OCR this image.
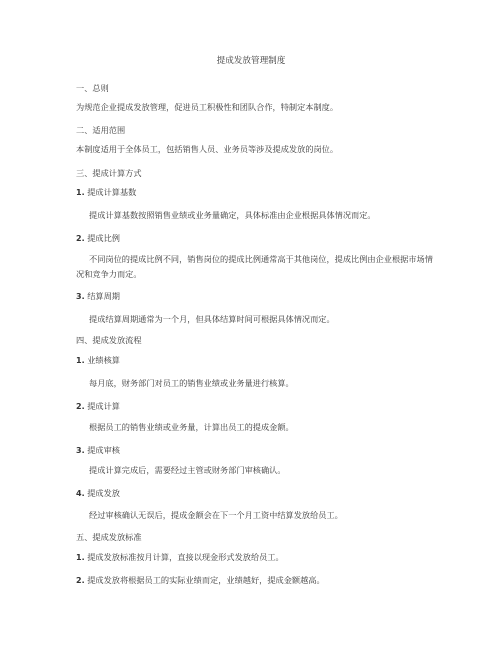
提成发放管理制度
一、总则
为规范企业提成发放管理，促进员工积极性和团队合作，特制定本制度。
二、适用范围
本制度适用于全体员工，包括销售人员、业务员等涉及提成发放的岗位。
三、提成计算方式
1. 提成计算基数
提成计算基数按照销售业绩或业务量确定，具体标准由企业根据具体情况而定。
2. 提成比例
不同岗位的提成比例不同，销售岗位的提成比例通常高于其他岗位，提成比例由企业根据市场情况和竞争力而定。
3. 结算周期
提成结算周期通常为一个月，但具体结算时间可根据具体情况而定。
四、提成发放流程
1. 业绩核算
每月底，财务部门对员工的销售业绩或业务量进行核算。
2. 提成计算
根据员工的销售业绩或业务量，计算出员工的提成金额。
3. 提成审核
提成计算完成后，需要经过主管或财务部门审核确认。
4. 提成发放
经过审核确认无误后，提成金额会在下一个月工资中结算发放给员工。
五、提成发放标准
1. 提成发放标准按月计算，直接以现金形式发放给员工。
2. 提成发放将根据员工的实际业绩而定，业绩越好，提成金额越高。
